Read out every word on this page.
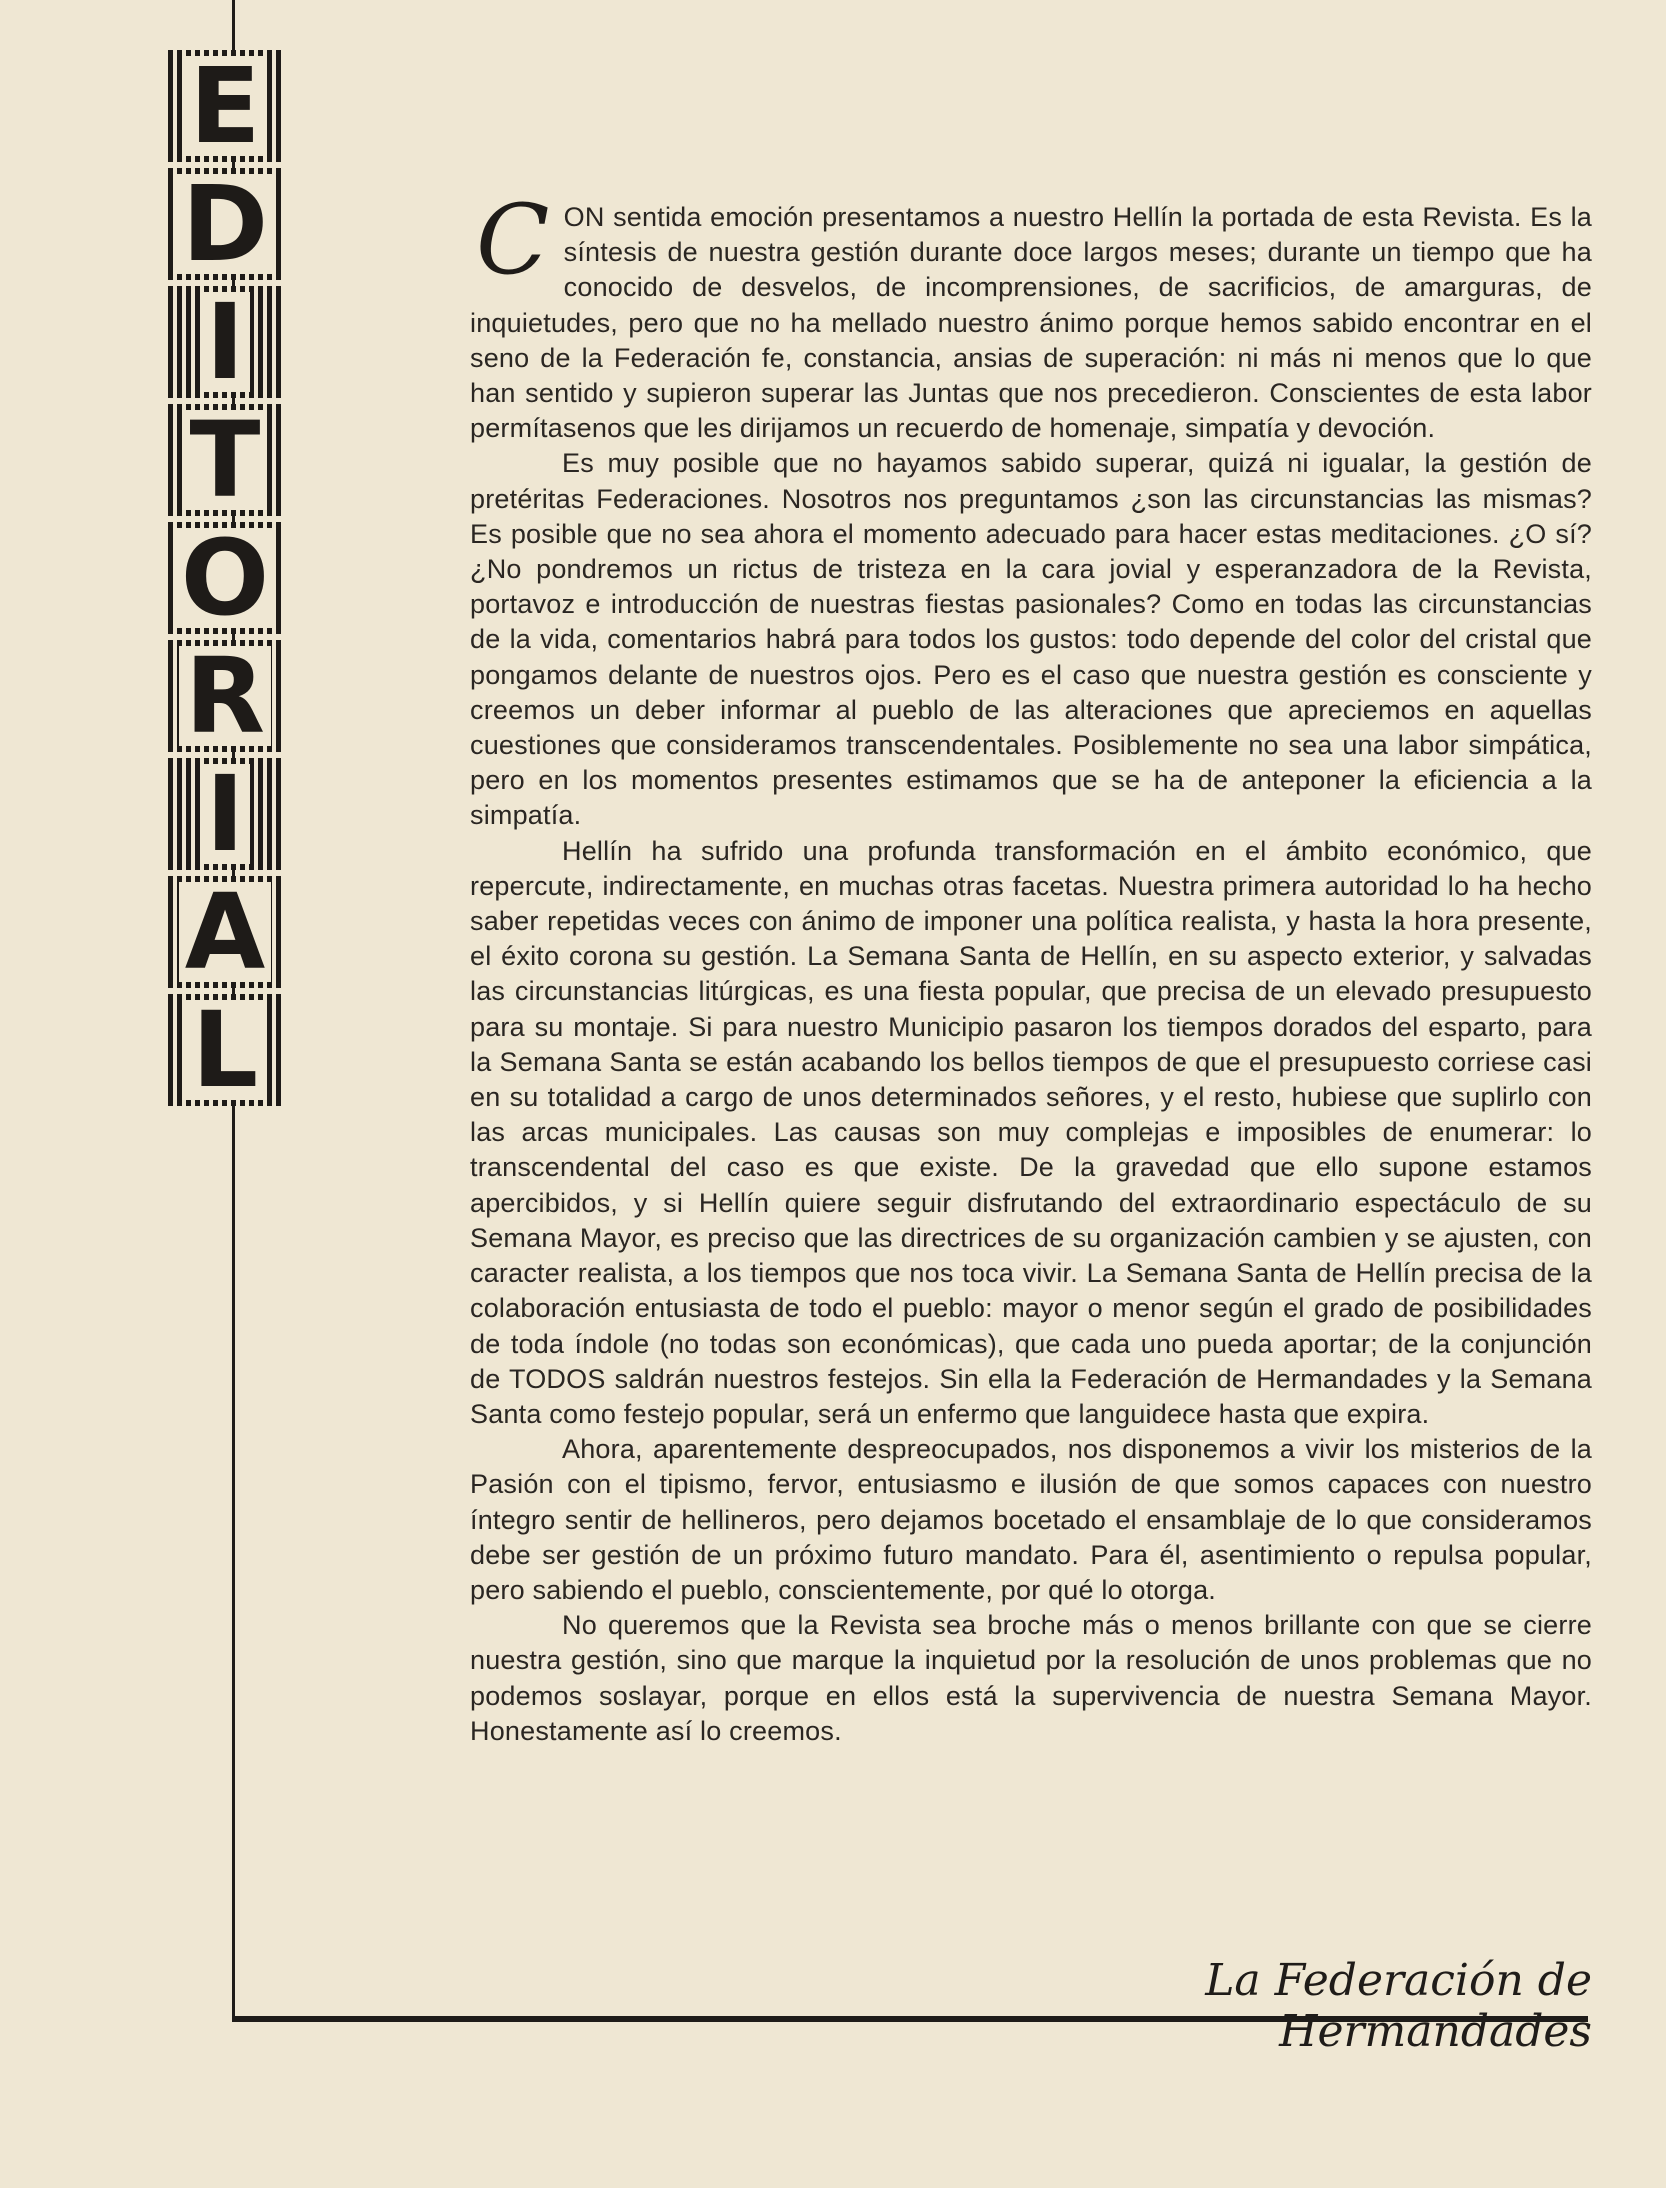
E
D
I
T
O
R
I
A
L

CON sentida emoción presentamos a nuestro Hellín la portada de esta Revista. Es la síntesis de nuestra gestión durante doce largos meses; durante un tiempo que ha conocido de desvelos, de incomprensiones, de sacrificios, de amarguras, de inquietudes, pero que no ha mellado nuestro ánimo porque hemos sabido encontrar en el seno de la Federación fe, constancia, ansias de superación: ni más ni menos que lo que han sentido y supieron superar las Juntas que nos precedieron. Conscientes de esta labor permítasenos que les dirijamos un recuerdo de homenaje, simpatía y devoción.

Es muy posible que no hayamos sabido superar, quizá ni igualar, la gestión de pretéritas Federaciones. Nosotros nos preguntamos ¿son las circunstancias las mismas? Es posible que no sea ahora el momento adecuado para hacer estas meditaciones. ¿O sí? ¿No pondremos un rictus de tristeza en la cara jovial y esperanzadora de la Revista, portavoz e introducción de nuestras fiestas pasionales? Como en todas las circunstancias de la vida, comentarios habrá para todos los gustos: todo depende del color del cristal que pongamos delante de nuestros ojos. Pero es el caso que nuestra gestión es consciente y creemos un deber informar al pueblo de las alteraciones que apreciemos en aquellas cuestiones que consideramos transcendentales. Posiblemente no sea una labor simpática, pero en los momentos presentes estimamos que se ha de anteponer la eficiencia a la simpatía.

Hellín ha sufrido una profunda transformación en el ámbito económico, que repercute, indirectamente, en muchas otras facetas. Nuestra primera autoridad lo ha hecho saber repetidas veces con ánimo de imponer una política realista, y hasta la hora presente, el éxito corona su gestión. La Semana Santa de Hellín, en su aspecto exterior, y salvadas las circunstancias litúrgicas, es una fiesta popular, que precisa de un elevado presupuesto para su montaje. Si para nuestro Municipio pasaron los tiempos dorados del esparto, para la Semana Santa se están acabando los bellos tiempos de que el presupuesto corriese casi en su totalidad a cargo de unos determinados señores, y el resto, hubiese que suplirlo con las arcas municipales. Las causas son muy complejas e imposibles de enumerar: lo transcendental del caso es que existe. De la gravedad que ello supone estamos apercibidos, y si Hellín quiere seguir disfrutando del extraordinario espectáculo de su Semana Mayor, es preciso que las directrices de su organización cambien y se ajusten, con caracter realista, a los tiempos que nos toca vivir. La Semana Santa de Hellín precisa de la colaboración entusiasta de todo el pueblo: mayor o menor según el grado de posibilidades de toda índole (no todas son económicas), que cada uno pueda aportar; de la conjunción de TODOS saldrán nuestros festejos. Sin ella la Federación de Hermandades y la Semana Santa como festejo popular, será un enfermo que languidece hasta que expira.

Ahora, aparentemente despreocupados, nos disponemos a vivir los misterios de la Pasión con el tipismo, fervor, entusiasmo e ilusión de que somos capaces con nuestro íntegro sentir de hellineros, pero dejamos bocetado el ensamblaje de lo que consideramos debe ser gestión de un próximo futuro mandato. Para él, asentimiento o repulsa popular, pero sabiendo el pueblo, conscientemente, por qué lo otorga.

No queremos que la Revista sea broche más o menos brillante con que se cierre nuestra gestión, sino que marque la inquietud por la resolución de unos problemas que no podemos soslayar, porque en ellos está la supervivencia de nuestra Semana Mayor. Honestamente así lo creemos.

La Federación de Hermandades
